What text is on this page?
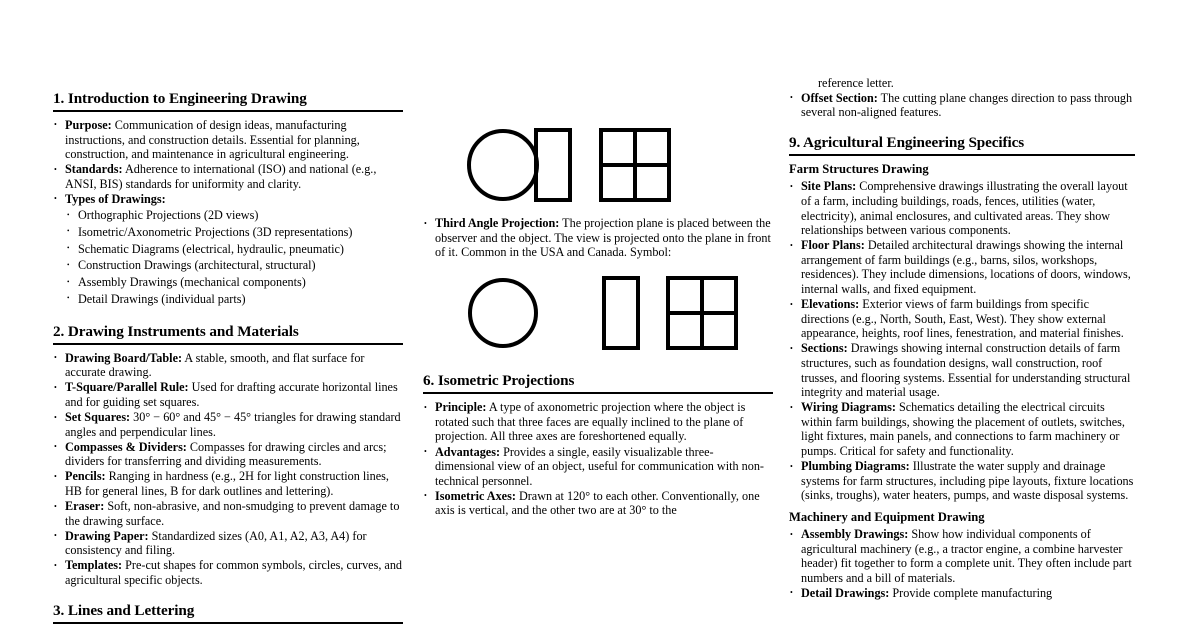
1. Introduction to Engineering Drawing
• Purpose: Communication of design ideas, manufacturing instructions, and construction details. Essential for planning, construction, and maintenance in agricultural engineering.
• Standards: Adherence to international (ISO) and national (e.g., ANSI, BIS) standards for uniformity and clarity.
• Types of Drawings:
• Orthographic Projections (2D views)
• Isometric/Axonometric Projections (3D representations)
• Schematic Diagrams (electrical, hydraulic, pneumatic)
• Construction Drawings (architectural, structural)
• Assembly Drawings (mechanical components)
• Detail Drawings (individual parts)
2. Drawing Instruments and Materials
• Drawing Board/Table: A stable, smooth, and flat surface for accurate drawing.
• T-Square/Parallel Rule: Used for drafting accurate horizontal lines and for guiding set squares.
• Set Squares: 30° − 60° and 45° − 45° triangles for drawing standard angles and perpendicular lines.
• Compasses & Dividers: Compasses for drawing circles and arcs; dividers for transferring and dividing measurements.
• Pencils: Ranging in hardness (e.g., 2H for light construction lines, HB for general lines, B for dark outlines and lettering).
• Eraser: Soft, non-abrasive, and non-smudging to prevent damage to the drawing surface.
• Drawing Paper: Standardized sizes (A0, A1, A2, A3, A4) for consistency and filing.
• Templates: Pre-cut shapes for common symbols, circles, curves, and agricultural specific objects.
3. Lines and Lettering
• Third Angle Projection: The projection plane is placed between the observer and the object. The view is projected onto the plane in front of it. Common in the USA and Canada. Symbol:
6. Isometric Projections
• Principle: A type of axonometric projection where the object is rotated such that three faces are equally inclined to the plane of projection. All three axes are foreshortened equally.
• Advantages: Provides a single, easily visualizable three-dimensional view of an object, useful for communication with non-technical personnel.
• Isometric Axes: Drawn at 120° to each other. Conventionally, one axis is vertical, and the other two are at 30° to the

reference letter.

• Offset Section: The cutting plane changes direction to pass through several non-aligned features.
9. Agricultural Engineering Specifics
Farm Structures Drawing
• Site Plans: Comprehensive drawings illustrating the overall layout of a farm, including buildings, roads, fences, utilities (water, electricity), animal enclosures, and cultivated areas. They show relationships between various components.
• Floor Plans: Detailed architectural drawings showing the internal arrangement of farm buildings (e.g., barns, silos, workshops, residences). They include dimensions, locations of doors, windows, internal walls, and fixed equipment.
• Elevations: Exterior views of farm buildings from specific directions (e.g., North, South, East, West). They show external appearance, heights, roof lines, fenestration, and material finishes.
• Sections: Drawings showing internal construction details of farm structures, such as foundation designs, wall construction, roof trusses, and flooring systems. Essential for understanding structural integrity and material usage.
• Wiring Diagrams: Schematics detailing the electrical circuits within farm buildings, showing the placement of outlets, switches, light fixtures, main panels, and connections to farm machinery or pumps. Critical for safety and functionality.
• Plumbing Diagrams: Illustrate the water supply and drainage systems for farm structures, including pipe layouts, fixture locations (sinks, troughs), water heaters, pumps, and waste disposal systems.
Machinery and Equipment Drawing
• Assembly Drawings: Show how individual components of agricultural machinery (e.g., a tractor engine, a combine harvester header) fit together to form a complete unit. They often include part numbers and a bill of materials.
• Detail Drawings: Provide complete manufacturing
